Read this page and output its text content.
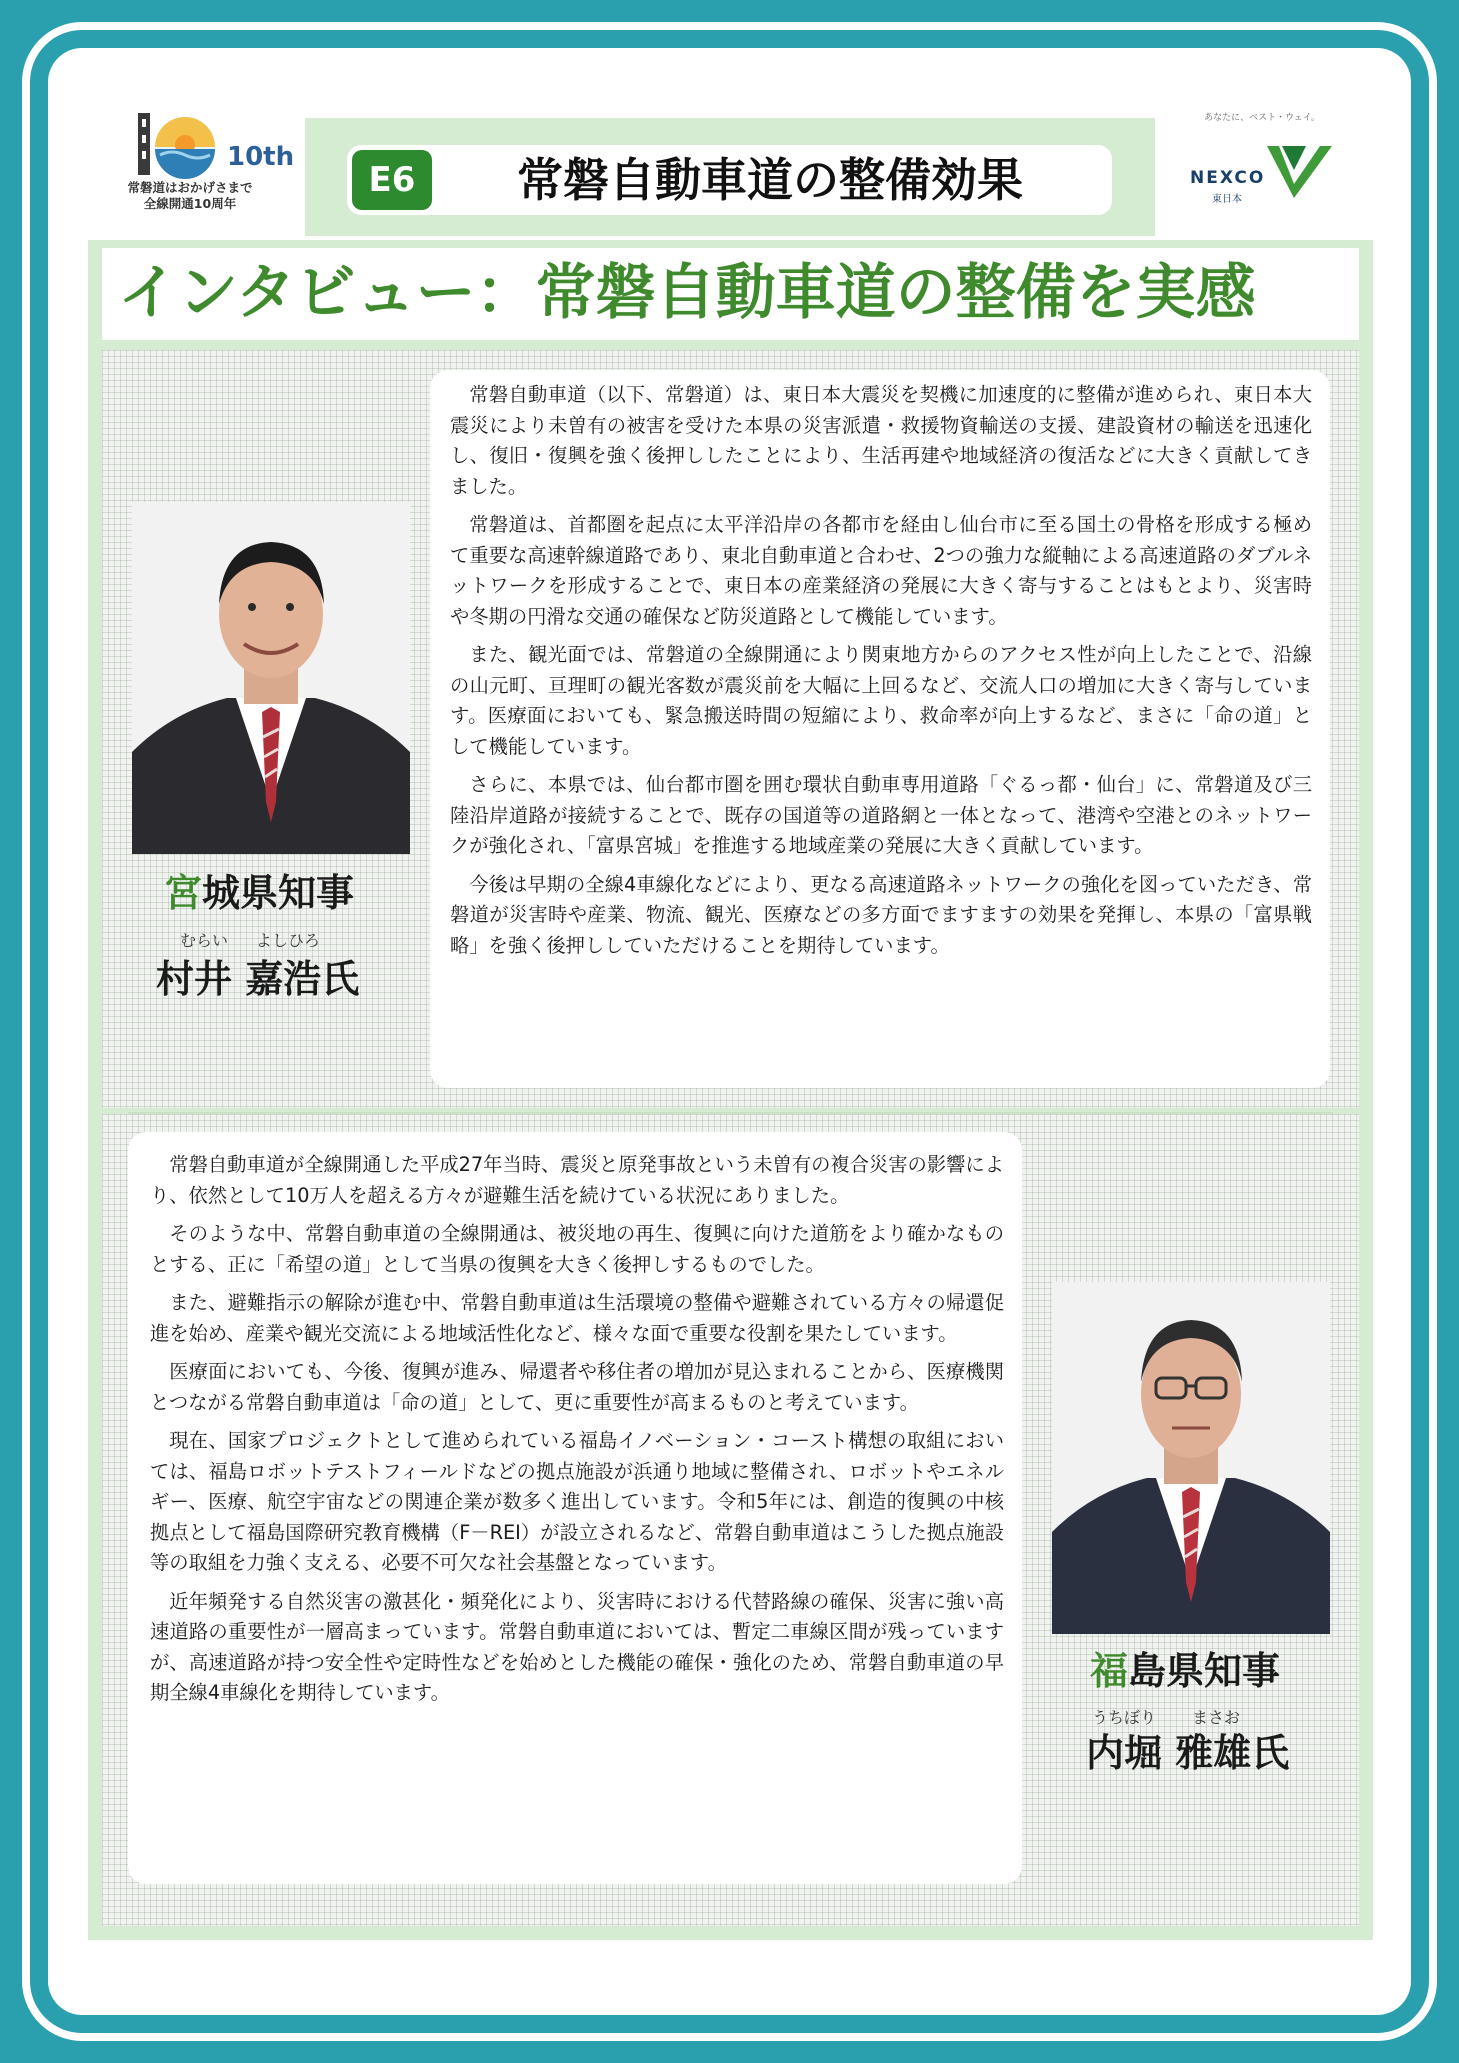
10th
常磐道はおかげさまで
全線開通10周年
E6	常磐自動車道の整備効果
あなたに、ベスト・ウェイ。
NEXCO
東日本
インタビュー：常磐自動車道の整備を実感

常磐自動車道（以下、常磐道）は、東日本大震災を契機に加速度的に整備が進められ、東日本大震災により未曽有の被害を受けた本県の災害派遣・救援物資輸送の支援、建設資材の輸送を迅速化し、復旧・復興を強く後押ししたことにより、生活再建や地域経済の復活などに大きく貢献してきました。

常磐道は、首都圏を起点に太平洋沿岸の各都市を経由し仙台市に至る国土の骨格を形成する極めて重要な高速幹線道路であり、東北自動車道と合わせ、2つの強力な縦軸による高速道路のダブルネットワークを形成することで、東日本の産業経済の発展に大きく寄与することはもとより、災害時や冬期の円滑な交通の確保など防災道路として機能しています。

また、観光面では、常磐道の全線開通により関東地方からのアクセス性が向上したことで、沿線の山元町、亘理町の観光客数が震災前を大幅に上回るなど、交流人口の増加に大きく寄与しています。医療面においても、緊急搬送時間の短縮により、救命率が向上するなど、まさに「命の道」として機能しています。

さらに、本県では、仙台都市圏を囲む環状自動車専用道路「ぐるっ都・仙台」に、常磐道及び三陸沿岸道路が接続することで、既存の国道等の道路網と一体となって、港湾や空港とのネットワークが強化され、「富県宮城」を推進する地域産業の発展に大きく貢献しています。

今後は早期の全線4車線化などにより、更なる高速道路ネットワークの強化を図っていただき、常磐道が災害時や産業、物流、観光、医療などの多方面でますますの効果を発揮し、本県の「富県戦略」を強く後押ししていただけることを期待しています。

宮城県知事
むらい よしひろ
村井 嘉浩氏

常磐自動車道が全線開通した平成27年当時、震災と原発事故という未曽有の複合災害の影響により、依然として10万人を超える方々が避難生活を続けている状況にありました。

そのような中、常磐自動車道の全線開通は、被災地の再生、復興に向けた道筋をより確かなものとする、正に「希望の道」として当県の復興を大きく後押しするものでした。

また、避難指示の解除が進む中、常磐自動車道は生活環境の整備や避難されている方々の帰還促進を始め、産業や観光交流による地域活性化など、様々な面で重要な役割を果たしています。

医療面においても、今後、復興が進み、帰還者や移住者の増加が見込まれることから、医療機関とつながる常磐自動車道は「命の道」として、更に重要性が高まるものと考えています。

現在、国家プロジェクトとして進められている福島イノベーション・コースト構想の取組においては、福島ロボットテストフィールドなどの拠点施設が浜通り地域に整備され、ロボットやエネルギー、医療、航空宇宙などの関連企業が数多く進出しています。令和5年には、創造的復興の中核拠点として福島国際研究教育機構（F－REI）が設立されるなど、常磐自動車道はこうした拠点施設等の取組を力強く支える、必要不可欠な社会基盤となっています。

近年頻発する自然災害の激甚化・頻発化により、災害時における代替路線の確保、災害に強い高速道路の重要性が一層高まっています。常磐自動車道においては、暫定二車線区間が残っていますが、高速道路が持つ安全性や定時性などを始めとした機能の確保・強化のため、常磐自動車道の早期全線4車線化を期待しています。	福島県知事
うちぼり まさお
内堀 雅雄氏
